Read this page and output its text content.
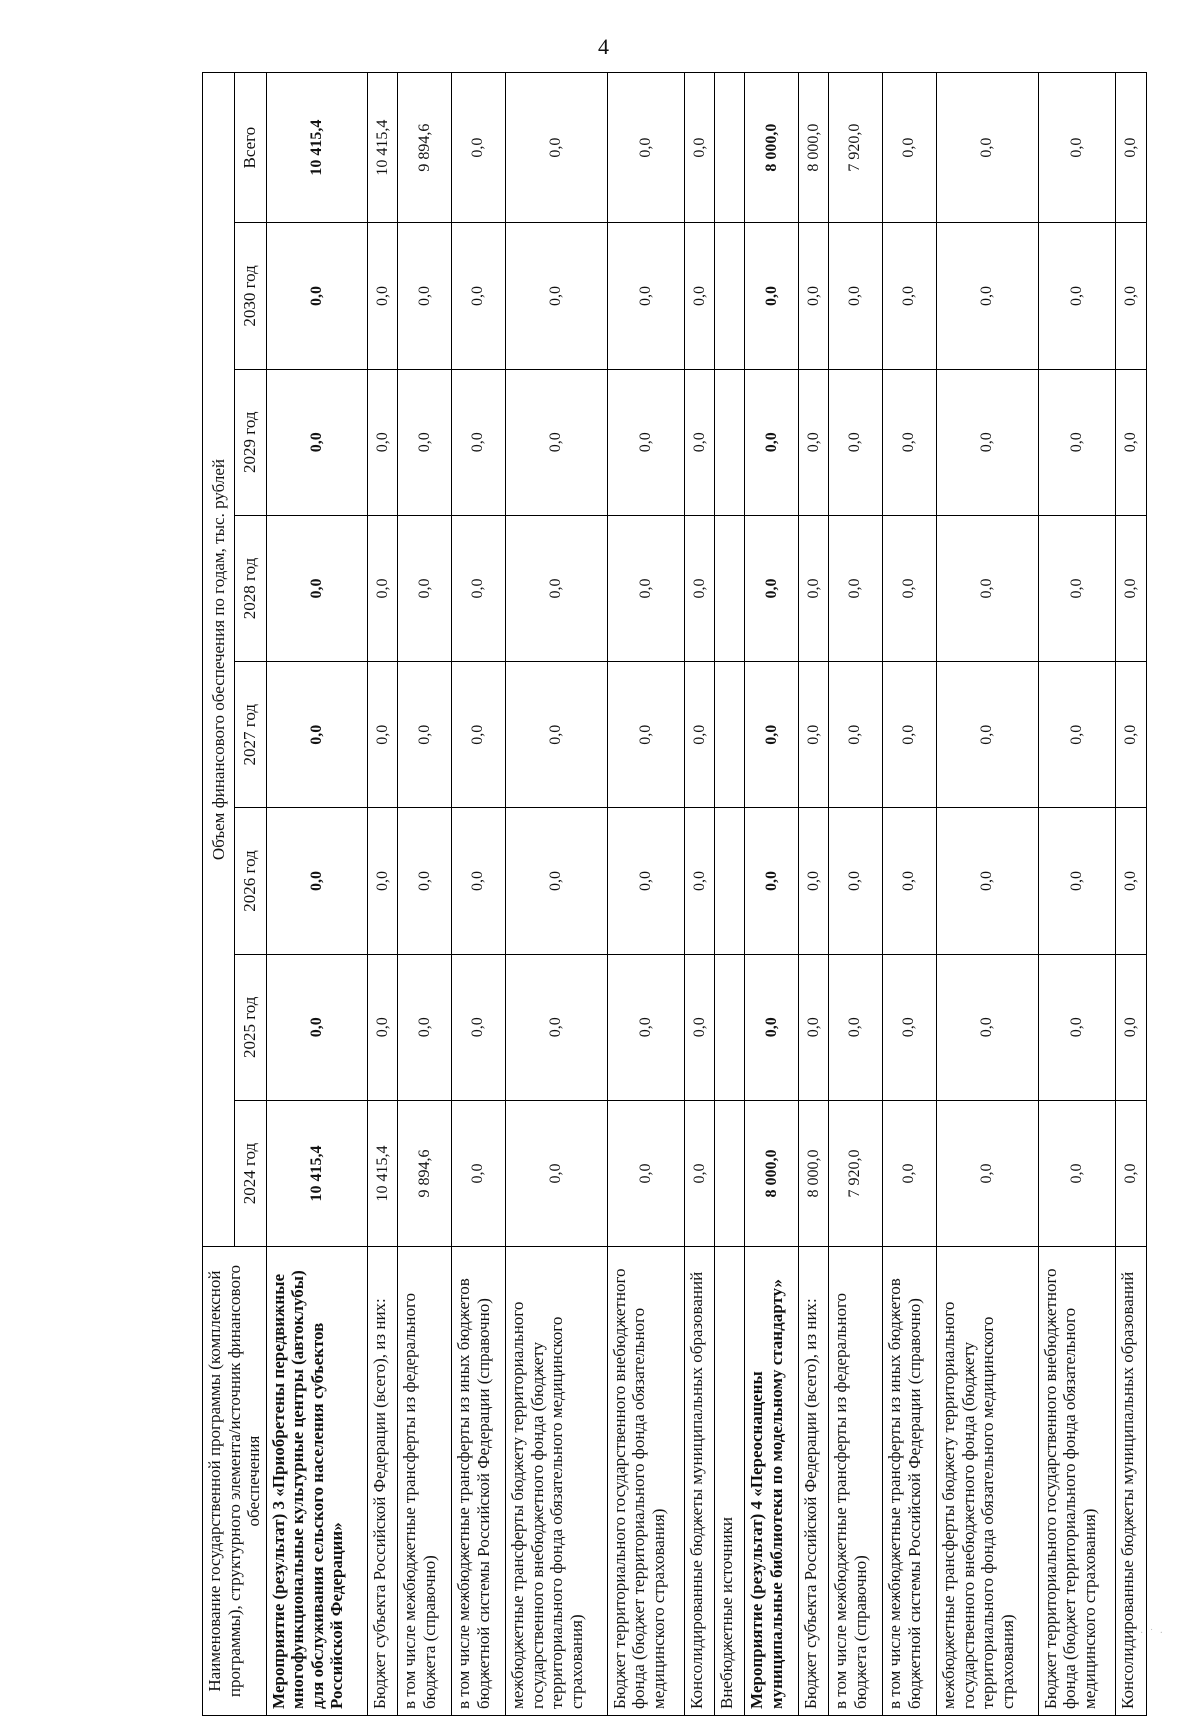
4
Наименование государственной программы (комплексной программы), структурного элемента/источник финансового обеспечения	Объем финансового обеспечения по годам, тыс. рублей							
	2024 год	2025 год	2026 год	2027 год	2028 год	2029 год	2030 год	Всего
Мероприятие (результат) 3 «Приобретены передвижные многофункциональные культурные центры (автоклубы) для обслуживания сельского населения субъектов Российской Федерации»	10 415,4	0,0	0,0	0,0	0,0	0,0	0,0	10 415,4
Бюджет субъекта Российской Федерации (всего), из них:	10 415,4	0,0	0,0	0,0	0,0	0,0	0,0	10 415,4
в том числе межбюджетные трансферты из федерального бюджета (справочно)	9 894,6	0,0	0,0	0,0	0,0	0,0	0,0	9 894,6
в том числе межбюджетные трансферты из иных бюджетов бюджетной системы Российской Федерации (справочно)	0,0	0,0	0,0	0,0	0,0	0,0	0,0	0,0
межбюджетные трансферты бюджету территориального государственного внебюджетного фонда (бюджету территориального фонда обязательного медицинского страхования)	0,0	0,0	0,0	0,0	0,0	0,0	0,0	0,0
Бюджет территориального государственного внебюджетного фонда (бюджет территориального фонда обязательного медицинского страхования)	0,0	0,0	0,0	0,0	0,0	0,0	0,0	0,0
Консолидированные бюджеты муниципальных образований	0,0	0,0	0,0	0,0	0,0	0,0	0,0	0,0
Внебюджетные источники								
Мероприятие (результат) 4 «Переоснащены муниципальные библиотеки по модельному стандарту»	8 000,0	0,0	0,0	0,0	0,0	0,0	0,0	8 000,0
Бюджет субъекта Российской Федерации (всего), из них:	8 000,0	0,0	0,0	0,0	0,0	0,0	0,0	8 000,0
в том числе межбюджетные трансферты из федерального бюджета (справочно)	7 920,0	0,0	0,0	0,0	0,0	0,0	0,0	7 920,0
в том числе межбюджетные трансферты из иных бюджетов бюджетной системы Российской Федерации (справочно)	0,0	0,0	0,0	0,0	0,0	0,0	0,0	0,0
межбюджетные трансферты бюджету территориального государственного внебюджетного фонда (бюджету территориального фонда обязательного медицинского страхования)	0,0	0,0	0,0	0,0	0,0	0,0	0,0	0,0
Бюджет территориального государственного внебюджетного фонда (бюджет территориального фонда обязательного медицинского страхования)	0,0	0,0	0,0	0,0	0,0	0,0	0,0	0,0
Консолидированные бюджеты муниципальных образований	0,0	0,0	0,0	0,0	0,0	0,0	0,0	0,0
· ˙ ·
